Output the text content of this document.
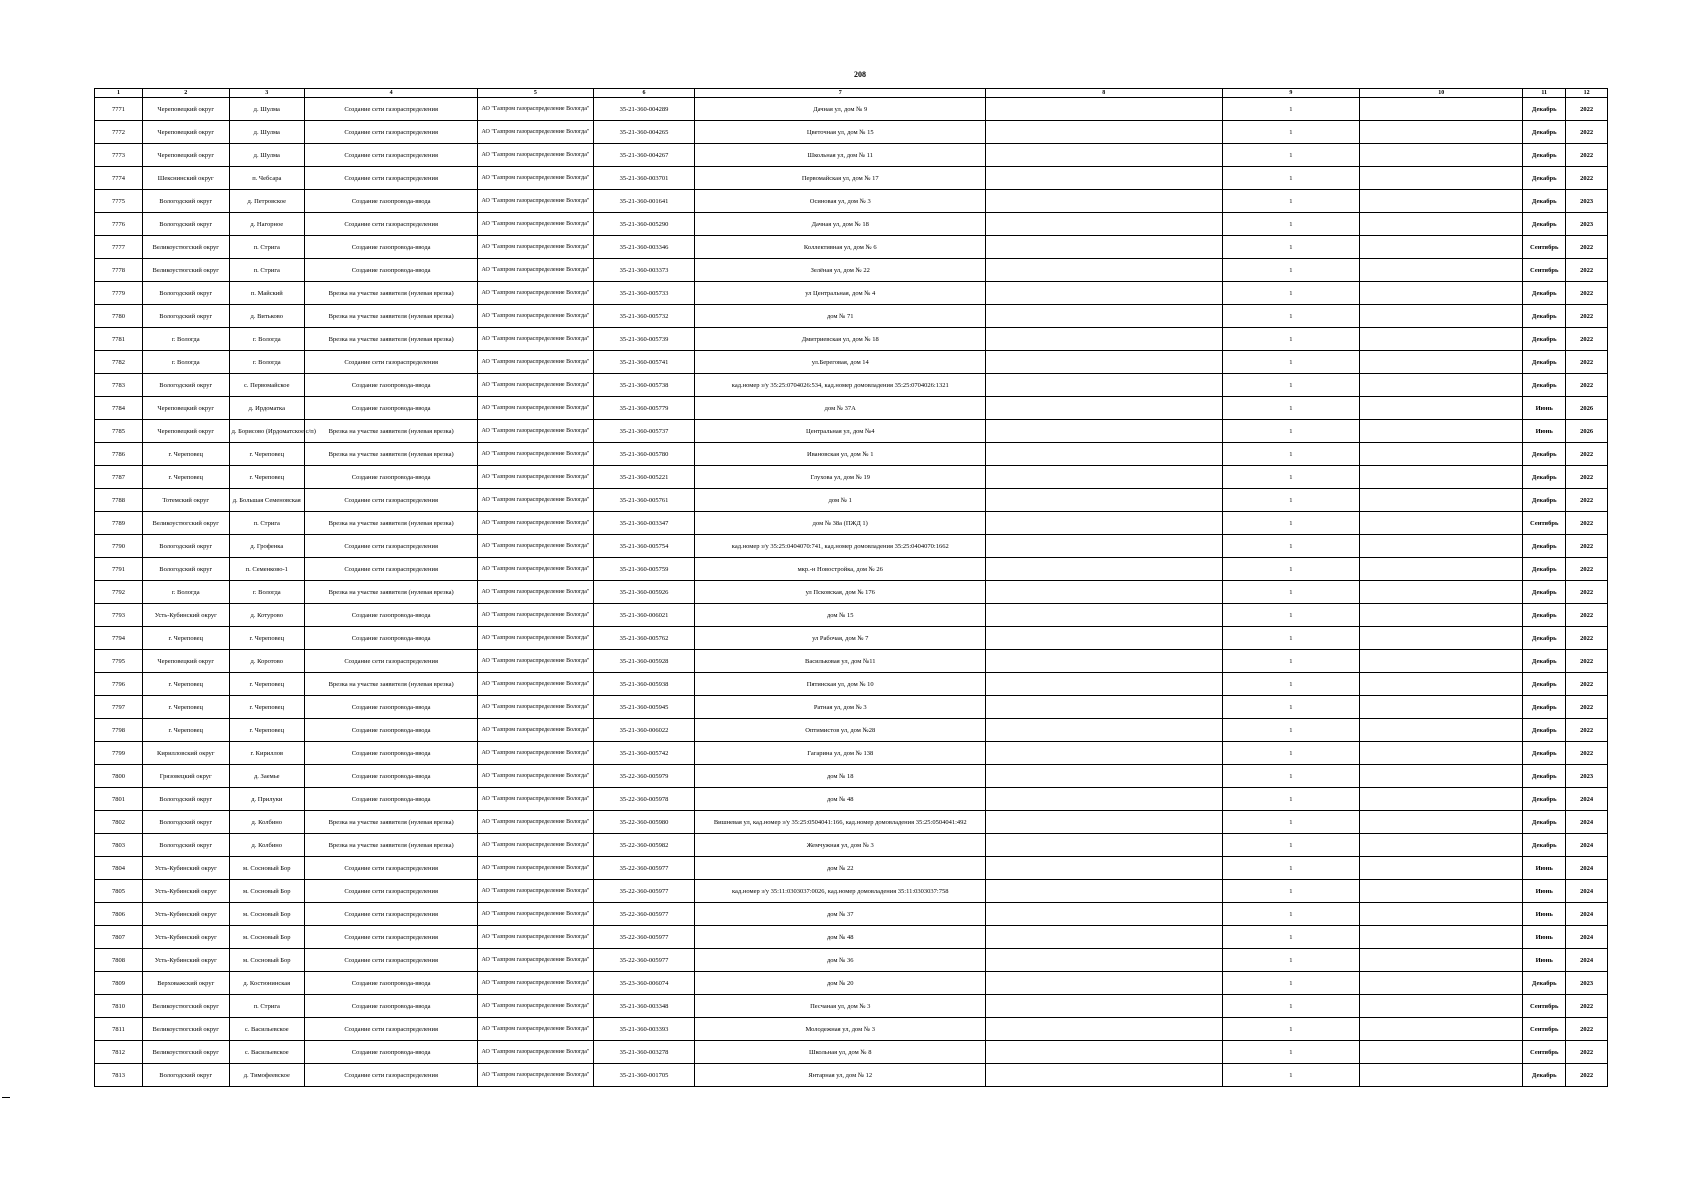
208
1	2	3	4	5	6	7	8	9	10	11	12
7771	Череповецкий округ	д. Шулма	Создание сети газораспределения	АО "Газпром газораспределение Вологда"	35-21-360-004289	Дачная ул, дом № 9		1		Декабрь	2022
7772	Череповецкий округ	д. Шулма	Создание сети газораспределения	АО "Газпром газораспределение Вологда"	35-21-360-004265	Цветочная ул, дом № 15		1		Декабрь	2022
7773	Череповецкий округ	д. Шулма	Создание сети газораспределения	АО "Газпром газораспределение Вологда"	35-21-360-004267	Школьная ул, дом № 11		1		Декабрь	2022
7774	Шекснинский округ	п. Чебсара	Создание сети газораспределения	АО "Газпром газораспределение Вологда"	35-21-360-003701	Первомайская ул, дом № 17		1		Декабрь	2022
7775	Вологодский округ	д. Петровское	Создание газопровода-ввода	АО "Газпром газораспределение Вологда"	35-21-360-001641	Осиновая ул, дом № 3		1		Декабрь	2023
7776	Вологодский округ	д. Нагорное	Создание сети газораспределения	АО "Газпром газораспределение Вологда"	35-21-360-005290	Дачная ул, дом № 18		1		Декабрь	2023
7777	Великоустюгский округ	п. Стрига	Создание газопровода-ввода	АО "Газпром газораспределение Вологда"	35-21-360-003346	Коллективная ул, дом № 6		1		Сентябрь	2022
7778	Великоустюгский округ	п. Стрига	Создание газопровода-ввода	АО "Газпром газораспределение Вологда"	35-21-360-003373	Зелёная ул, дом № 22		1		Сентябрь	2022
7779	Вологодский округ	п. Майский	Врезка на участке заявителя (нулевая врезка)	АО "Газпром газораспределение Вологда"	35-21-360-005733	ул Центральная, дом № 4		1		Декабрь	2022
7780	Вологодский округ	д. Витьково	Врезка на участке заявителя (нулевая врезка)	АО "Газпром газораспределение Вологда"	35-21-360-005732	дом № 71		1		Декабрь	2022
7781	г. Вологда	г. Вологда	Врезка на участке заявителя (нулевая врезка)	АО "Газпром газораспределение Вологда"	35-21-360-005739	Дмитриевская ул, дом № 18		1		Декабрь	2022
7782	г. Вологда	г. Вологда	Создание сети газораспределения	АО "Газпром газораспределение Вологда"	35-21-360-005741	ул.Береговая, дом 14		1		Декабрь	2022
7783	Вологодский округ	с. Первомайское	Создание газопровода-ввода	АО "Газпром газораспределение Вологда"	35-21-360-005738	кад.номер з/у 35:25:0704026:534, кад.номер домовладения 35:25:0704026:1321		1		Декабрь	2022
7784	Череповецкий округ	д. Ирдоматка	Создание газопровода-ввода	АО "Газпром газораспределение Вологда"	35-21-360-005779	дом № 37А		1		Июнь	2026
7785	Череповецкий округ	д. Борисово (Ирдоматское с/п)	Врезка на участке заявителя (нулевая врезка)	АО "Газпром газораспределение Вологда"	35-21-360-005737	Центральная ул, дом №4		1		Июнь	2026
7786	г. Череповец	г. Череповец	Врезка на участке заявителя (нулевая врезка)	АО "Газпром газораспределение Вологда"	35-21-360-005780	Ивановская ул, дом № 1		1		Декабрь	2022
7787	г. Череповец	г. Череповец	Создание газопровода-ввода	АО "Газпром газораспределение Вологда"	35-21-360-005221	Глухова ул, дом № 19		1		Декабрь	2022
7788	Тотемский округ	д. Большая Семеновская	Создание сети газораспределения	АО "Газпром газораспределение Вологда"	35-21-360-005761	дом № 1		1		Декабрь	2022
7789	Великоустюгский округ	п. Стрига	Врезка на участке заявителя (нулевая врезка)	АО "Газпром газораспределение Вологда"	35-21-360-003347	дом № 38а (ПЖД 1)		1		Сентябрь	2022
7790	Вологодский округ	д. Грофенка	Создание сети газораспределения	АО "Газпром газораспределение Вологда"	35-21-360-005754	кад.номер з/у 35:25:0404070:741, кад.номер домовладения 35:25:0404070:1662		1		Декабрь	2022
7791	Вологодский округ	п. Семенково-1	Создание сети газораспределения	АО "Газпром газораспределение Вологда"	35-21-360-005759	мкр.-н Новостройка, дом № 26		1		Декабрь	2022
7792	г. Вологда	г. Вологда	Врезка на участке заявителя (нулевая врезка)	АО "Газпром газораспределение Вологда"	35-21-360-005926	ул Псковская, дом № 176		1		Декабрь	2022
7793	Усть-Кубинский округ	д. Котурово	Создание газопровода-ввода	АО "Газпром газораспределение Вологда"	35-21-360-006021	дом № 15		1		Декабрь	2022
7794	г. Череповец	г. Череповец	Создание газопровода-ввода	АО "Газпром газораспределение Вологда"	35-21-360-005762	ул Рабочая, дом № 7		1		Декабрь	2022
7795	Череповецкий округ	д. Коротово	Создание сети газораспределения	АО "Газпром газораспределение Вологда"	35-21-360-005928	Васильковая ул, дом №11		1		Декабрь	2022
7796	г. Череповец	г. Череповец	Врезка на участке заявителя (нулевая врезка)	АО "Газпром газораспределение Вологда"	35-21-360-005938	Пятинская ул, дом № 10		1		Декабрь	2022
7797	г. Череповец	г. Череповец	Создание газопровода-ввода	АО "Газпром газораспределение Вологда"	35-21-360-005945	Ратная ул, дом № 3		1		Декабрь	2022
7798	г. Череповец	г. Череповец	Создание газопровода-ввода	АО "Газпром газораспределение Вологда"	35-21-360-006022	Оптимистов ул, дом №28		1		Декабрь	2022
7799	Кирилловский округ	г. Кириллов	Создание газопровода-ввода	АО "Газпром газораспределение Вологда"	35-21-360-005742	Гагарина ул, дом № 138		1		Декабрь	2022
7800	Грязовецкий округ	д. Заемье	Создание газопровода-ввода	АО "Газпром газораспределение Вологда"	35-22-360-005979	дом № 18		1		Декабрь	2023
7801	Вологодский округ	д. Прилуки	Создание газопровода-ввода	АО "Газпром газораспределение Вологда"	35-22-360-005978	дом № 48		1		Декабрь	2024
7802	Вологодский округ	д. Колбино	Врезка на участке заявителя (нулевая врезка)	АО "Газпром газораспределение Вологда"	35-22-360-005980	Вишневая ул, кад.номер з/у 35:25:0504041:166, кад.номер домовладения 35:25:0504041:492		1		Декабрь	2024
7803	Вологодский округ	д. Колбино	Врезка на участке заявителя (нулевая врезка)	АО "Газпром газораспределение Вологда"	35-22-360-005982	Жемчужная ул, дом № 3		1		Декабрь	2024
7804	Усть-Кубинский округ	м. Сосновый Бор	Создание сети газораспределения	АО "Газпром газораспределение Вологда"	35-22-360-005977	дом № 22		1		Июнь	2024
7805	Усть-Кубинский округ	м. Сосновый Бор	Создание сети газораспределения	АО "Газпром газораспределение Вологда"	35-22-360-005977	кад.номер з/у 35:11:0303037:0026, кад.номер домовладения 35:11:0303037:758		1		Июнь	2024
7806	Усть-Кубинский округ	м. Сосновый Бор	Создание сети газораспределения	АО "Газпром газораспределение Вологда"	35-22-360-005977	дом № 37		1		Июнь	2024
7807	Усть-Кубинский округ	м. Сосновый Бор	Создание сети газораспределения	АО "Газпром газораспределение Вологда"	35-22-360-005977	дом № 48		1		Июнь	2024
7808	Усть-Кубинский округ	м. Сосновый Бор	Создание сети газораспределения	АО "Газпром газораспределение Вологда"	35-22-360-005977	дом № 36		1		Июнь	2024
7809	Верховажский округ	д. Костюнинская	Создание газопровода-ввода	АО "Газпром газораспределение Вологда"	35-23-360-006074	дом № 20		1		Декабрь	2023
7810	Великоустюгский округ	п. Стрига	Создание газопровода-ввода	АО "Газпром газораспределение Вологда"	35-21-360-003348	Песчаная ул, дом № 3		1		Сентябрь	2022
7811	Великоустюгский округ	с. Васильевское	Создание сети газораспределения	АО "Газпром газораспределение Вологда"	35-21-360-003393	Молодежная ул, дом № 3		1		Сентябрь	2022
7812	Великоустюгский округ	с. Васильевское	Создание газопровода-ввода	АО "Газпром газораспределение Вологда"	35-21-360-003278	Школьная ул, дом № 8		1		Сентябрь	2022
7813	Вологодский округ	д. Тимофеевское	Создание сети газораспределения	АО "Газпром газораспределение Вологда"	35-21-360-001705	Янтарная ул, дом № 12		1		Декабрь	2022
